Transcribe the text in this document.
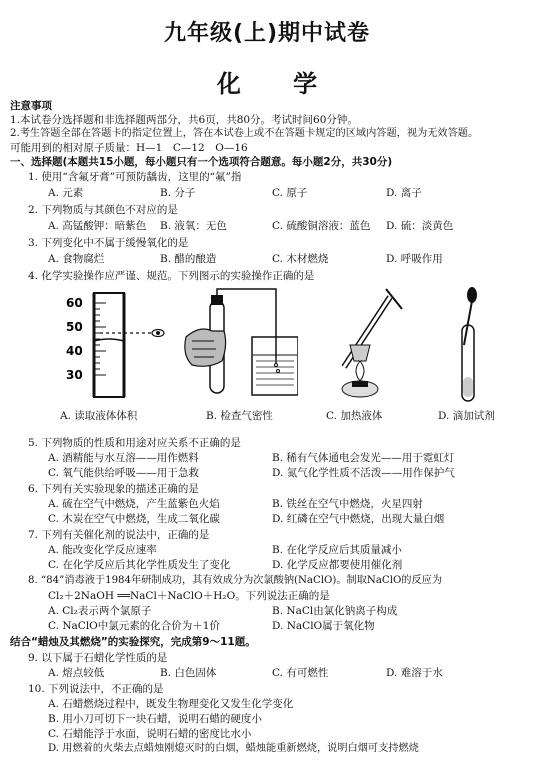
九年级(上)期中试卷
化 学
注意事项
1.本试卷分选择题和非选择题两部分，共6页，共80分。考试时间60分钟。
2.考生答题全部在答题卡的指定位置上，答在本试卷上或不在答题卡规定的区域内答题，视为无效答题。
可能用到的相对原子质量：H—1　C—12　O—16
一、选择题(本题共15小题，每小题只有一个选项符合题意。每小题2分，共30分)
1. 使用“含氟牙膏”可预防龋齿，这里的“氟”指
A. 元素	B. 分子	C. 原子	D. 离子
2. 下列物质与其颜色不对应的是
A. 高锰酸钾：暗紫色 B. 液氧：无色	C. 硫酸铜溶液：蓝色 D. 硫：淡黄色
3. 下列变化中不属于缓慢氧化的是
A. 食物腐烂	B. 醋的酿造	C. 木材燃烧	D. 呼吸作用
4. 化学实验操作应严谨、规范。下列图示的实验操作正确的是
60
50
40
30
A. 读取液体体积	B. 检查气密性	C. 加热液体	D. 滴加试剂
5. 下列物质的性质和用途对应关系不正确的是
A. 酒精能与水互溶——用作燃料	B. 稀有气体通电会发光——用于霓虹灯
C. 氧气能供给呼吸——用于急救	D. 氮气化学性质不活泼——用作保护气
6. 下列有关实验现象的描述正确的是
A. 硫在空气中燃烧，产生蓝紫色火焰	B. 铁丝在空气中燃烧，火星四射
C. 木炭在空气中燃烧，生成二氧化碳	D. 红磷在空气中燃烧，出现大量白烟
7. 下列有关催化剂的说法中，正确的是
A. 能改变化学反应速率	B. 在化学反应后其质量减小
C. 在化学反应后其化学性质发生了变化	D. 化学反应都要使用催化剂
8. “84”消毒液于1984年研制成功，其有效成分为次氯酸钠(NaClO)。制取NaClO的反应为
Cl₂＋2NaOH ══NaCl＋NaClO＋H₂O。下列说法正确的是
A. Cl₂表示两个氯原子	B. NaCl由氯化钠离子构成
C. NaClO中氯元素的化合价为＋1价	D. NaClO属于氧化物
结合“蜡烛及其燃烧”的实验探究，完成第9～11题。
9. 以下属于石蜡化学性质的是
A. 熔点较低	B. 白色固体	C. 有可燃性	D. 难溶于水
10. 下列说法中，不正确的是
A. 石蜡燃烧过程中，既发生物理变化又发生化学变化
B. 用小刀可切下一块石蜡，说明石蜡的硬度小
C. 石蜡能浮于水面，说明石蜡的密度比水小
D. 用燃着的火柴去点蜡烛刚熄灭时的白烟，蜡烛能重新燃烧，说明白烟可支持燃烧
